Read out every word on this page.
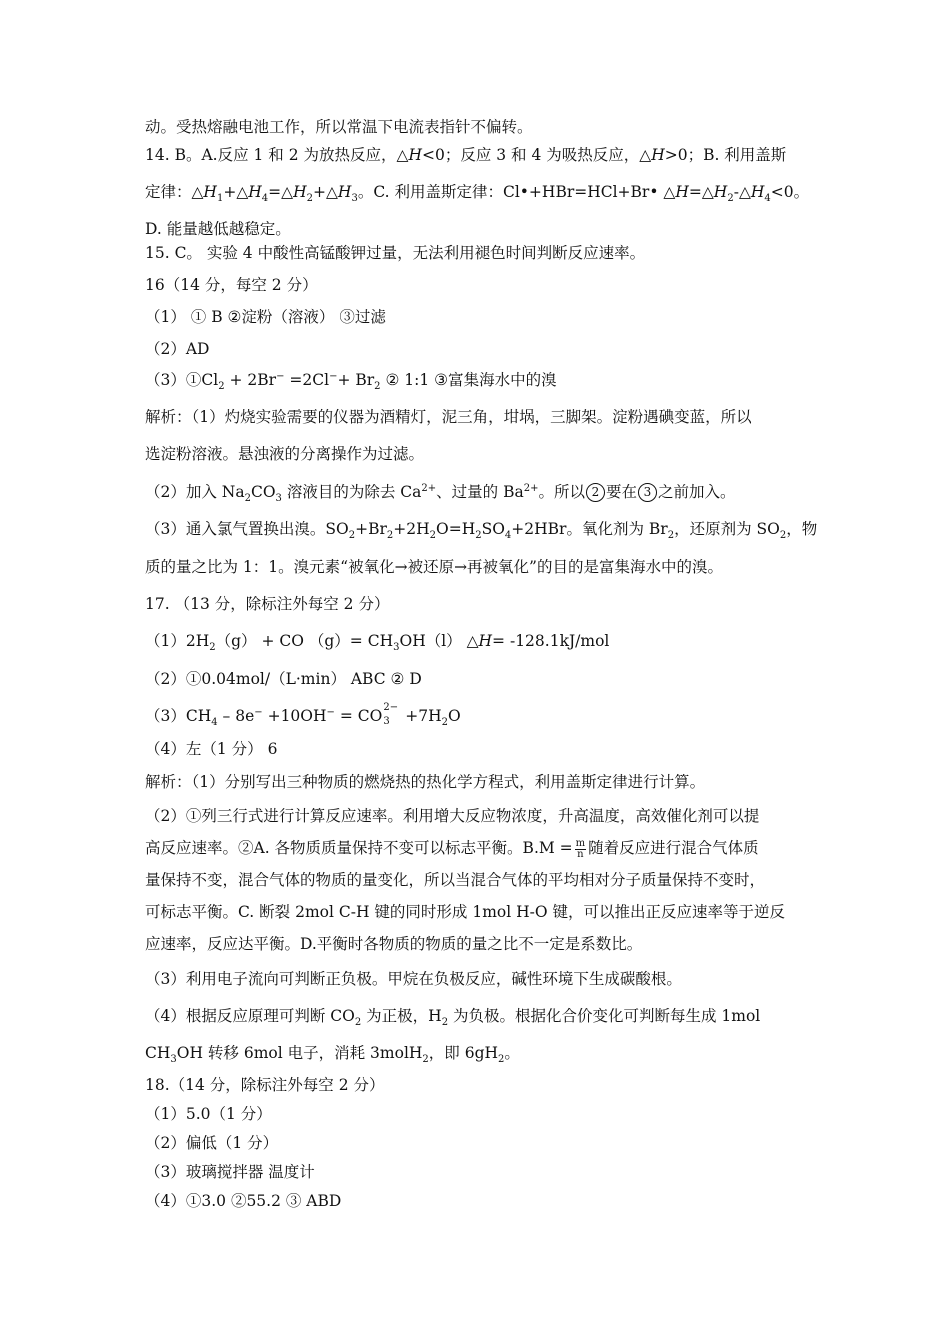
动。受热熔融电池工作，所以常温下电流表指针不偏转。
14. B。A.反应 1 和 2 为放热反应，△H<0；反应 3 和 4 为吸热反应，△H>0；B. 利用盖斯
定律：$\triangle H_1+\triangle H_4=\triangle H_2+\triangle H_3$。C. 利用盖斯定律：Cl•+HBr=HCl+Br• $\triangle H=\triangle H_2-\triangle H_4<0$。
D. 能量越低越稳定。
15. C。 实验 4 中酸性高锰酸钾过量，无法利用褪色时间判断反应速率。
16（14 分，每空 2 分）
（1） ① B ②淀粉（溶液） ③过滤
（2）AD
$(3)①Cl_2 + 2Br^- =2Cl^-+ Br_2$ ② 1:1 ③富集海水中的溴
解析：（1）灼烧实验需要的仪器为酒精灯，泥三角，坩埚，三脚架。淀粉遇碘变蓝，所以
选淀粉溶液。悬浊液的分离操作为过滤。
（2）加入 $Na_2CO_3$ 溶液目的为除去 $Ca^{2+}$、过量的 $Ba^{2+}$。所以 2 要在 3 之前加入。
（3）通入氯气置换出溴。$SO_2+Br_2+2H_2O=H_2SO_4+2HBr$。氧化剂为 $Br_2$，还原剂为 $SO_2$，物
质的量之比为 1：1。溴元素“被氧化→被还原→再被氧化”的目的是富集海水中的溴。
17. （13 分，除标注外每空 2 分）
$(1)2H_2(g)$ + CO $(g)= CH_3OH(l)$ △H= -128.1kJ/mol
（2）①0.04mol/（L·min） ABC ② D
$(3)CH_4 - 8e^- +10OH^-$ = CO 2−
$3 +7H_2O$
（4）左（1 分） 6
解析：（1）分别写出三种物质的燃烧热的热化学方程式，利用盖斯定律进行计算。
（2）①列三行式进行计算反应速率。利用增大反应物浓度，升高温度，高效催化剂可以提
高反应速率。②A. 各物质质量保持不变可以标志平衡。$B.M = \frac{m}{n}$ 随着反应进行混合气体质
量保持不变，混合气体的物质的量变化，所以当混合气体的平均相对分子质量保持不变时，
可标志平衡。C. 断裂 2mol C-H 键的同时形成 1mol H-O 键，可以推出正反应速率等于逆反
应速率，反应达平衡。D.平衡时各物质的物质的量之比不一定是系数比。
（3）利用电子流向可判断正负极。甲烷在负极反应，碱性环境下生成碳酸根。
（4）根据反应原理可判断 $CO_2$ 为正极，$H_2$ 为负极。根据化合价变化可判断每生成 1mol
$CH_3OH$ 转移 6mol 电子，消耗 3molH$_2$，即 $6gH_2$。
18.（14 分，除标注外每空 2 分）
（1）5.0（1 分）
（2）偏低（1 分）
（3）玻璃搅拌器 温度计
（4）①3.0 ②55.2 ③ ABD
